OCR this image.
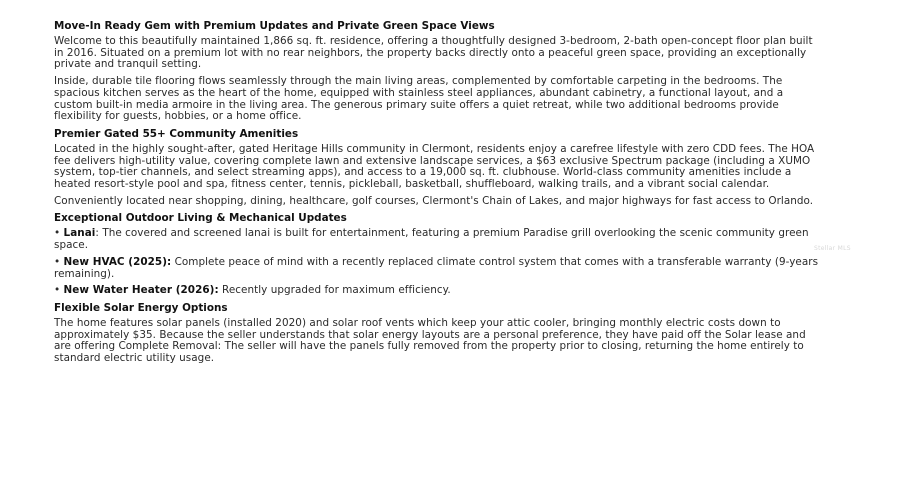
Move-In Ready Gem with Premium Updates and Private Green Space Views

Welcome to this beautifully maintained 1,866 sq. ft. residence, offering a thoughtfully designed 3-bedroom, 2-bath open-concept floor plan built in 2016. Situated on a premium lot with no rear neighbors, the property backs directly onto a peaceful green space, providing an exceptionally private and tranquil setting.

Inside, durable tile flooring flows seamlessly through the main living areas, complemented by comfortable carpeting in the bedrooms. The spacious kitchen serves as the heart of the home, equipped with stainless steel appliances, abundant cabinetry, a functional layout, and a custom built-in media armoire in the living area. The generous primary suite offers a quiet retreat, while two additional bedrooms provide flexibility for guests, hobbies, or a home office.

Premier Gated 55+ Community Amenities

Located in the highly sought-after, gated Heritage Hills community in Clermont, residents enjoy a carefree lifestyle with zero CDD fees. The HOA fee delivers high-utility value, covering complete lawn and extensive landscape services, a $63 exclusive Spectrum package (including a XUMO system, top-tier channels, and select streaming apps), and access to a 19,000 sq. ft. clubhouse. World-class community amenities include a heated resort-style pool and spa, fitness center, tennis, pickleball, basketball, shuffleboard, walking trails, and a vibrant social calendar.

Conveniently located near shopping, dining, healthcare, golf courses, Clermont's Chain of Lakes, and major highways for fast access to Orlando.

Exceptional Outdoor Living & Mechanical Updates

• Lanai: The covered and screened lanai is built for entertainment, featuring a premium Paradise grill overlooking the scenic community green space.

• New HVAC (2025): Complete peace of mind with a recently replaced climate control system that comes with a transferable warranty (9-years remaining).

• New Water Heater (2026): Recently upgraded for maximum efficiency.

Flexible Solar Energy Options

The home features solar panels (installed 2020) and solar roof vents which keep your attic cooler, bringing monthly electric costs down to approximately $35. Because the seller understands that solar energy layouts are a personal preference, they have paid off the Solar lease and are offering Complete Removal: The seller will have the panels fully removed from the property prior to closing, returning the home entirely to standard electric utility usage.

Stellar MLS
